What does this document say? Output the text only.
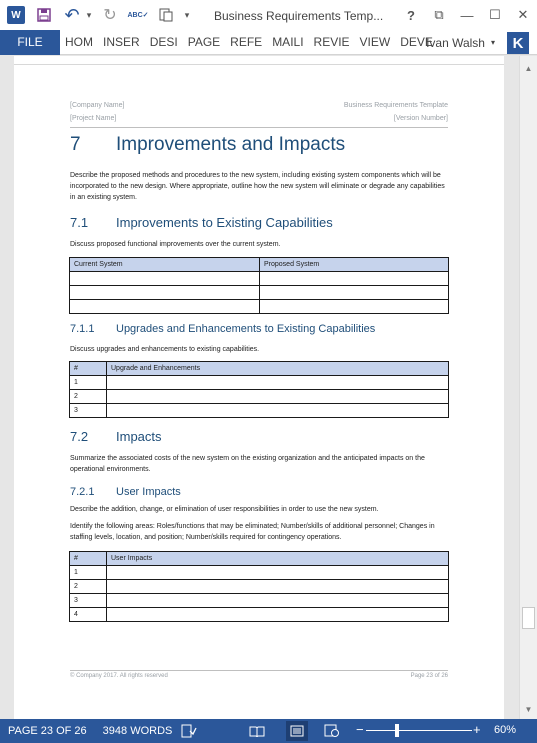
W ↶ ▾ ↻	ABC✓	▾ Business Requirements Temp...	?	⧉	—	☐	✕
FILE	HOM INSER DESI PAGE REFE MAILI REVIE VIEW DEVE
Ivan Walsh ▾	K
[Company Name]
[Project Name]
Business Requirements Template
[Version Number]
7 Improvements and Impacts
Describe the proposed methods and procedures to the new system, including existing system components which will be incorporated to the new design. Where appropriate, outline how the new system will eliminate or degrade any capabilities in an existing system.
7.1 Improvements to Existing Capabilities
Discuss proposed functional improvements over the current system.
Current System	Proposed System

7.1.1 Upgrades and Enhancements to Existing Capabilities
Discuss upgrades and enhancements to existing capabilities.
#	Upgrade and Enhancements
1	
2	
3	
7.2 Impacts
Summarize the associated costs of the new system on the existing organization and the anticipated impacts on the operational environments.
7.2.1 User Impacts
Describe the addition, change, or elimination of user responsibilities in order to use the new system.
Identify the following areas: Roles/functions that may be eliminated; Number/skills of additional personnel; Changes in staffing levels, location, and position; Number/skills required for contingency operations.
#	User Impacts
1	
2	
3	
4	
© Company 2017. All rights reserved	Page 23 of 26
▲
▼
PAGE 23 OF 26	3948 WORDS	−	+ 60%
